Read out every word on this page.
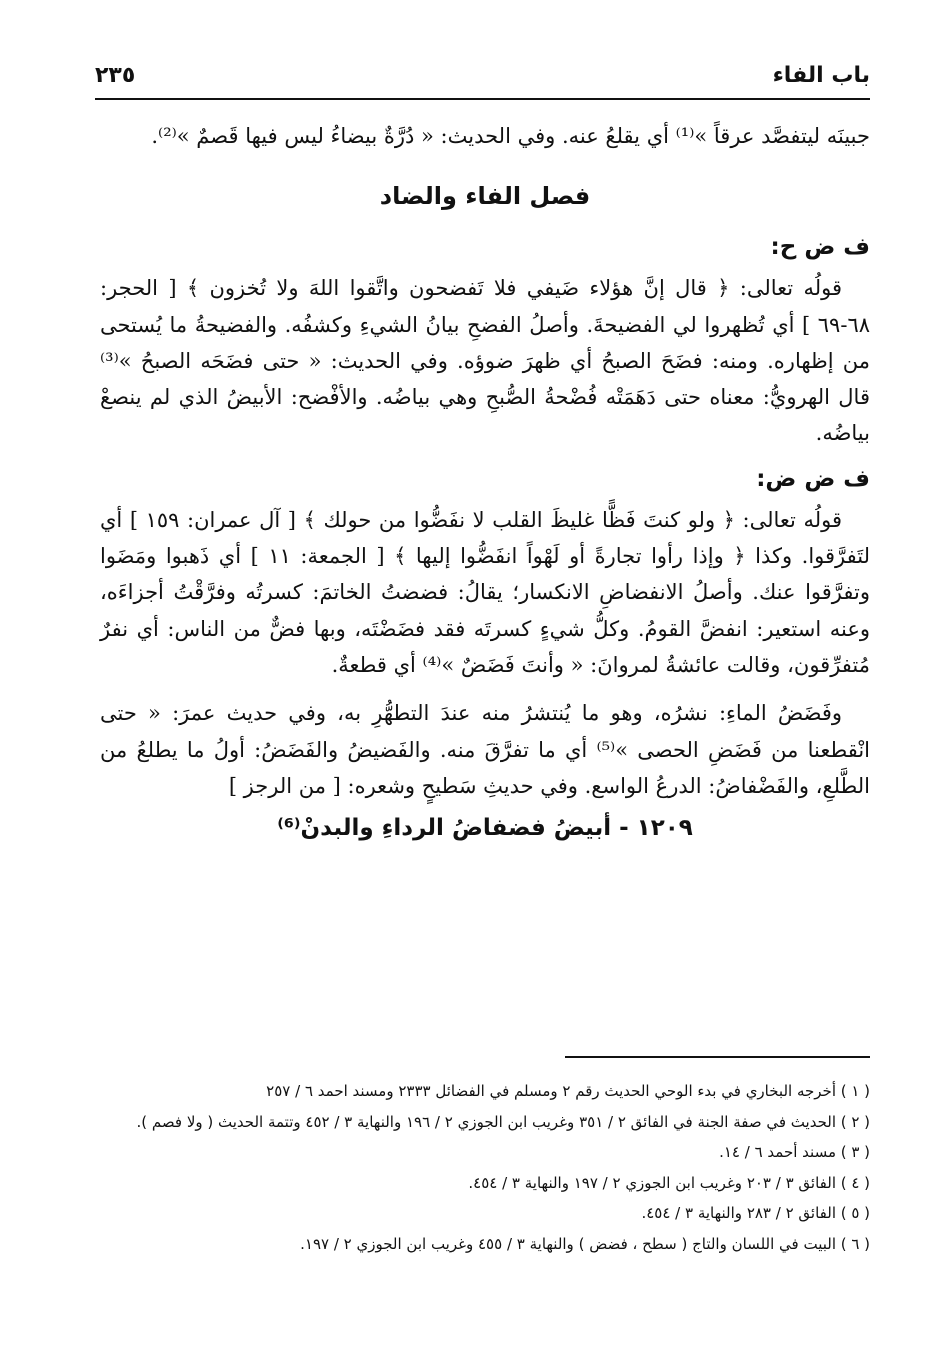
باب الفاء
٢٣٥

جبينَه ليتفصَّد عرقاً »⁽¹⁾ أي يقلعُ عنه. وفي الحديث: « دُرَّةٌ بيضاءُ ليس فيها قَصمٌ »⁽²⁾.

فصل الفاء والضاد
ف ض ح:

قولُه تعالى: ﴿ قال إنَّ هؤلاء ضَيفي فلا تَفضحون واتَّقوا اللهَ ولا تُخزون ﴾ [ الحجر: ٦٨-٦٩ ] أي تُظهروا لي الفضيحةَ. وأصلُ الفضحِ بيانُ الشيءِ وكشفُه. والفضيحةُ ما يُستحى من إظهاره. ومنه: فضَحَ الصبحُ أي ظهرَ ضوؤه. وفي الحديث: « حتى فضَحَه الصبحُ »⁽³⁾ قال الهرويُّ: معناه حتى دَهَمَتْه فُضْحةُ الصُّبحِ وهي بياضُه. والأفْضح: الأبيضُ الذي لم ينصعْ بياضُه.

ف ض ض:

قولُه تعالى: ﴿ ولو كنتَ فَظًّا غليظَ القلب لا نفَضُّوا من حولك ﴾ [ آل عمران: ١٥٩ ] أي لتَفرَّقوا. وكذا ﴿ وإذا رأوا تجارةً أو لَهْواً انفَضُّوا إليها ﴾ [ الجمعة: ١١ ] أي ذَهبوا ومَضَوا وتفرَّقوا عنك. وأصلُ الانفضاضِ الانكسار؛ يقالُ: فضضتُ الخاتمَ: كسرتُه وفرَّقْتُ أجزاءَه، وعنه استعير: انفضَّ القومُ. وكلُّ شيءٍ كسرتَه فقد فضَضْتَه، وبها فضٌّ من الناس: أي نفرٌ مُتفرِّقون، وقالت عائشةُ لمروانَ: « وأنتَ فَضَضٌ »⁽⁴⁾ أي قطعةٌ.

وفَضَضُ الماءِ: نشرُه، وهو ما يُنتشرُ منه عندَ التطهُّرِ به، وفي حديث عمرَ: « حتى انْقطعنا من فَضَضِ الحصى »⁽⁵⁾ أي ما تفرَّقَ منه. والفَضيضُ والفَضَضُ: أولُ ما يطلعُ من الطَّلعِ، والفَضْفاضُ: الدرعُ الواسع. وفي حديثِ سَطيحٍ وشعره: [ من الرجز ]

١٢٠٩ - أبيضُ فضفاضُ الرداءِ والبدنْ⁽⁶⁾
( ١ )
أخرجه البخاري في بدء الوحي الحديث رقم ٢ ومسلم في الفضائل ٢٣٣٣ ومسند احمد ٦ / ٢٥٧
( ٢ )
الحديث في صفة الجنة في الفائق ٢ / ٣٥١ وغريب ابن الجوزي ٢ / ١٩٦ والنهاية ٣ / ٤٥٢ وتتمة الحديث ( ولا فصم ).
( ٣ )
مسند أحمد ٦ / ١٤.
( ٤ )
الفائق ٣ / ٢٠٣ وغريب ابن الجوزي ٢ / ١٩٧ والنهاية ٣ / ٤٥٤.
( ٥ )
الفائق ٢ / ٢٨٣ والنهاية ٣ / ٤٥٤.
( ٦ )
البيت في اللسان والتاج ( سطح ، فضض ) والنهاية ٣ / ٤٥٥ وغريب ابن الجوزي ٢ / ١٩٧.
